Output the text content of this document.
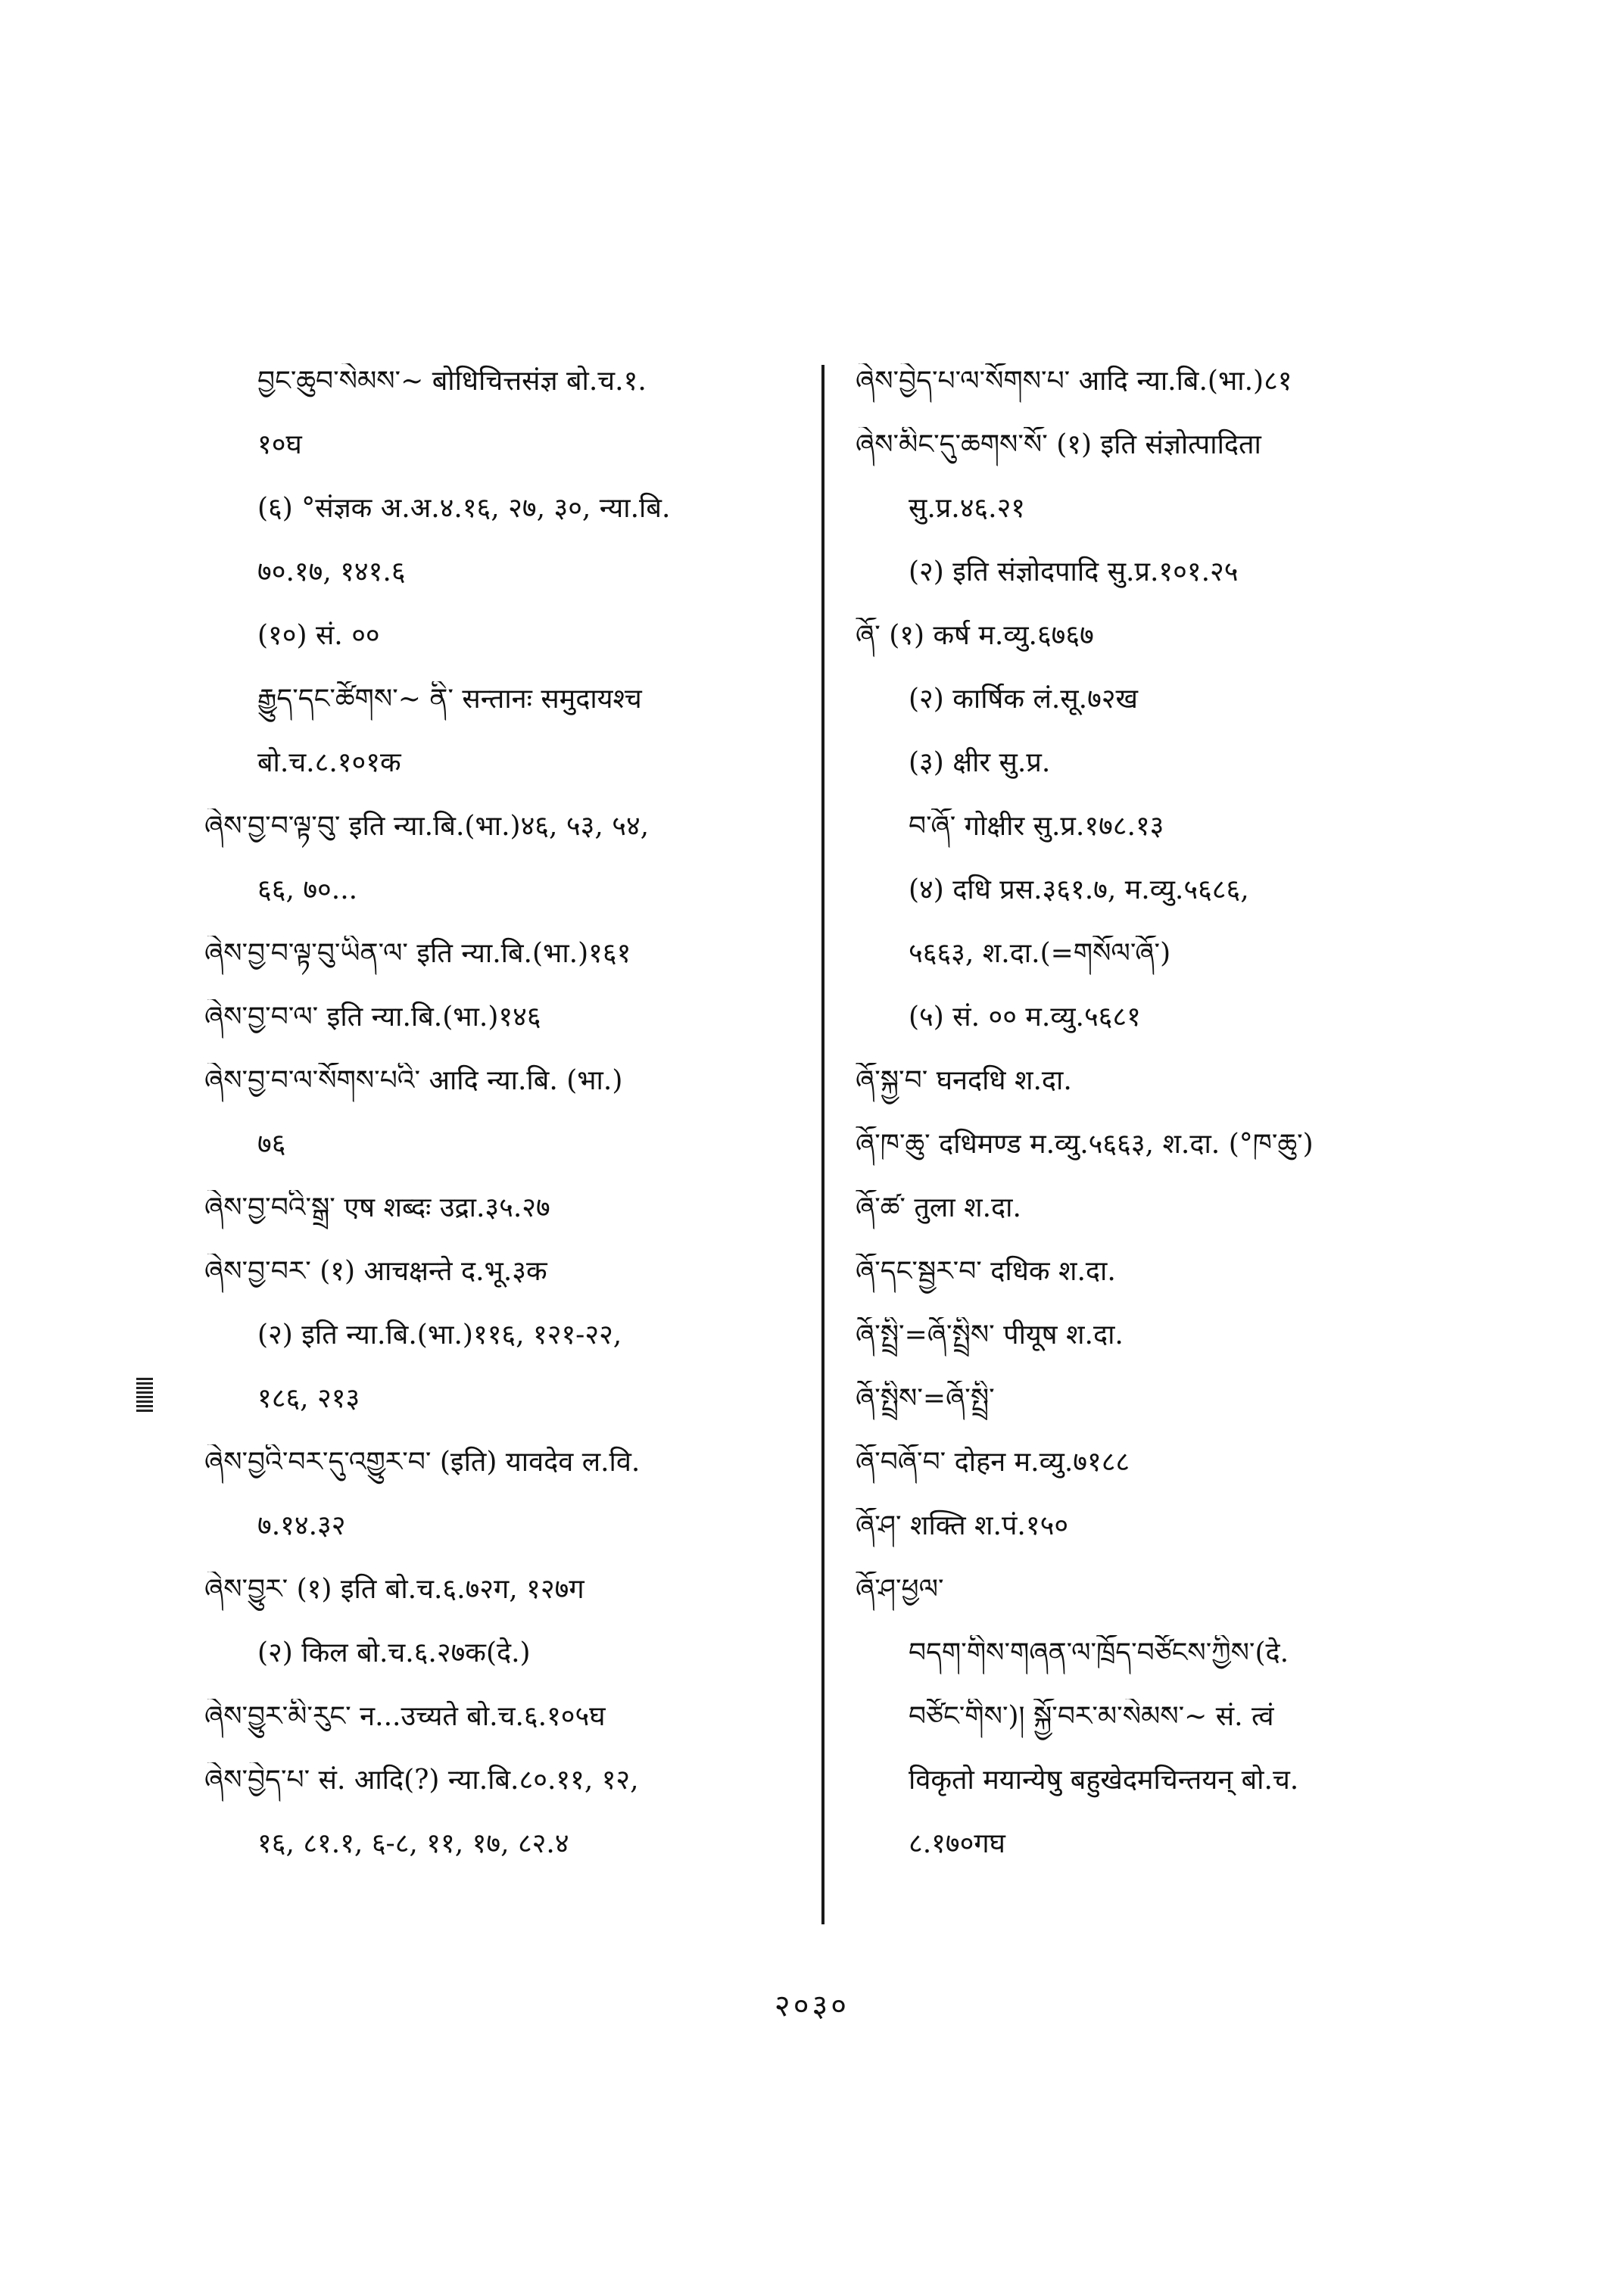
བྱང་ཆུབ་སེམས་~ बोधिचित्तसंज्ञ बो.च.१.
१०घ
(६) °संज्ञक अ.अ.४.१६, २७, ३०, न्या.बि.
७०.१७, १४१.६
(१०) सं. ००
རྒྱུད་དང་ཚོགས་~ ནི་ सन्तानः समुदायश्च
बो.च.८.१०१क
ཞེས་བྱ་བ་ལྟ་བུ་ इति न्या.बि.(भा.)४६, ५३, ५४,
६६, ७०...
ཞེས་བྱ་བ་ལྟ་བུ་ཡིན་ལ་ इति न्या.बि.(भा.)१६१
ཞེས་བྱ་བ་ལ་ इति न्या.बि.(भा.)१४६
ཞེས་བྱ་བ་ལ་སོགས་པའི་ आदि न्या.बि. (भा.)
७६
ཞེས་བྱ་བའི་སྒྲ་ एष शब्दः उद्रा.३५.२७
ཞེས་བྱ་བར་ (१) आचक्षन्ते द.भू.३क
(२) इति न्या.बि.(भा.)११६, १२१-२२,
१८६, २१३
ཞེས་བྱའི་བར་དུ་འགྱུར་བ་ (इति) यावदेव ल.वि.
७.१४.३२
ཞེས་བྱུར་ (१) इति बो.च.६.७२ग, १२७ग
(२) किल बो.च.६.२७क(दे.)
ཞེས་བྱུར་མི་རུང་ न...उच्यते बो.च.६.१०५घ
ཞེས་བྱེད་པ་ सं. आदि(?) न्या.बि.८०.११, १२,
१६, ८१.१, ६-८, ११, १७, ८२.४
ཞེས་བྱེད་པ་ལ་སོགས་པ་ आदि न्या.बि.(भा.)८१
ཞེས་མིང་དུ་ཆགས་སོ་ (१) इति संज्ञोत्पादिता
सु.प्र.४६.२१
(२) इति संज्ञोदपादि सु.प्र.१०१.२५
ཞོ་ (१) कर्ष म.व्यु.६७६७
(२) कार्षिक लं.सू.७२ख
(३) क्षीर सु.प्र.
བ་ཞོ་ गोक्षीर सु.प्र.१७८.१३
(४) दधि प्रस.३६१.७, म.व्यु.५६८६,
५६६३, श.दा.(=གསོལ་ཞོ་)
(५) सं. ०० म.व्यु.५६८१
ཞོ་སྐྱ་བ་ घनदधि श.दा.
ཞོ་ཁ་ཆུ་ दधिमण्ड म.व्यु.५६६३, श.दा. (°ཁ་ཆུ་)
ཞོ་ཚ་ तुला श.दा.
ཞོ་དང་སྦྱར་བ་ दधिक श.दा.
ཞོ་སྤྲི་=ཞོ་སྤྲིས་ पीयूष श.दा.
ཞོ་སྤྲིས་=ཞོ་སྤྲི་
ཞོ་བཞོ་བ་ दोहन म.व्यु.७१८८
ཞོ་ཤ་ शक्ति श.पं.१५०
ཞོ་ཤ་ཕྱལ་
བདག་གིས་གཞན་ལ་ཁྲོད་བཙོངས་ཀྱིས་(दे.
བཙོང་གིས་)། སྐྱོ་བར་མ་སེམས་~ सं. त्वं
विकृतो मयान्येषु बहुखेदमचिन्तयन् बो.च.
८.१७०गघ
२०३०
